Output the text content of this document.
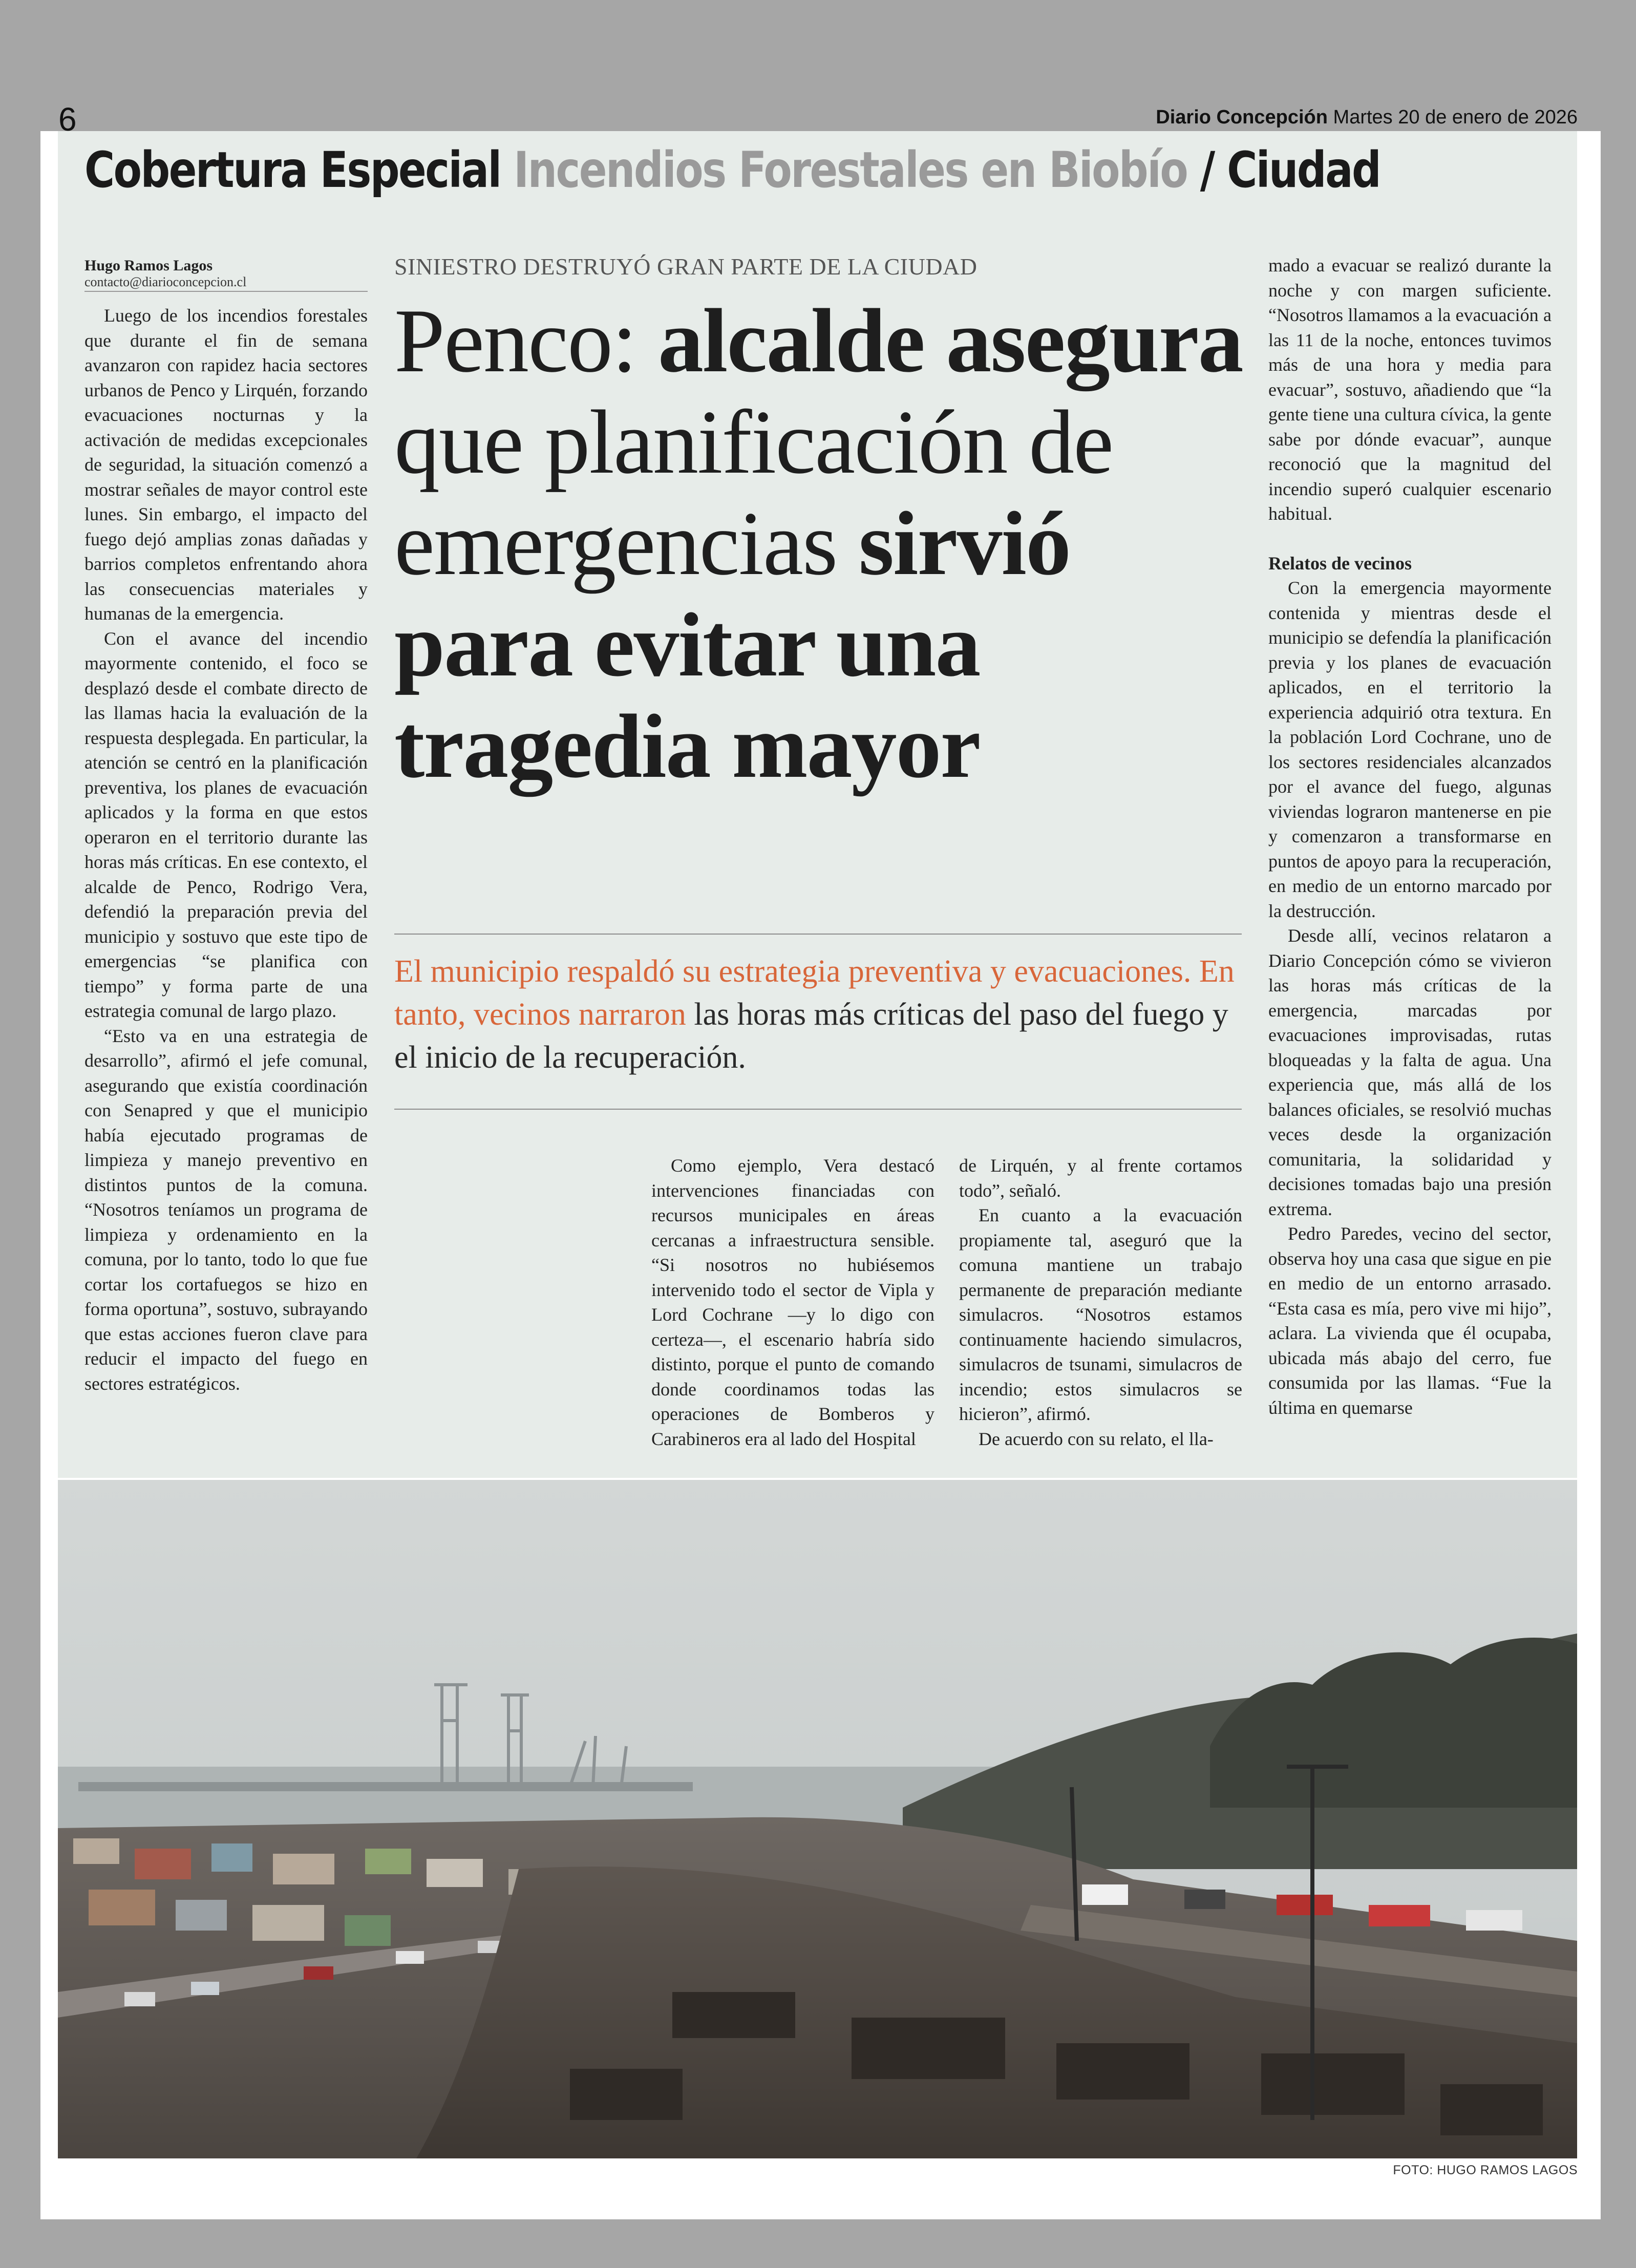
6	Diario Concepción Martes 20 de enero de 2026
Cobertura Especial Incendios Forestales en Biobío / Ciudad
Hugo Ramos Lagos
contacto@diarioconcepcion.cl

Luego de los incendios forestales que durante el fin de semana avanzaron con rapidez hacia sectores urbanos de Penco y Lirquén, forzando evacuaciones nocturnas y la activación de medidas excepcionales de seguridad, la situación comenzó a mostrar señales de mayor control este lunes. Sin embargo, el impacto del fuego dejó amplias zonas dañadas y barrios completos enfrentando ahora las consecuencias materiales y humanas de la emergencia.

Con el avance del incendio mayormente contenido, el foco se desplazó desde el combate directo de las llamas hacia la evaluación de la respuesta desplegada. En particular, la atención se centró en la planificación preventiva, los planes de evacuación aplicados y la forma en que estos operaron en el territorio durante las horas más críticas. En ese contexto, el alcalde de Penco, Rodrigo Vera, defendió la preparación previa del municipio y sostuvo que este tipo de emergencias “se planifica con tiempo” y forma parte de una estrategia comunal de largo plazo.

“Esto va en una estrategia de desarrollo”, afirmó el jefe comunal, asegurando que existía coordinación con Senapred y que el municipio había ejecutado programas de limpieza y manejo preventivo en distintos puntos de la comuna. “Nosotros teníamos un programa de limpieza y ordenamiento en la comuna, por lo tanto, todo lo que fue cortar los cortafuegos se hizo en forma oportuna”, sostuvo, subrayando que estas acciones fueron clave para reducir el impacto del fuego en sectores estratégicos.

SINIESTRO DESTRUYÓ GRAN PARTE DE LA CIUDAD
Penco: alcalde asegura que planificación de emergencias sirvió para evitar una tragedia mayor
El municipio respaldó su estrategia preventiva y evacuaciones. En tanto, vecinos narraron las horas más críticas del paso del fuego y el inicio de la recuperación.

Como ejemplo, Vera destacó intervenciones financiadas con recursos municipales en áreas cercanas a infraestructura sensible. “Si nosotros no hubiésemos intervenido todo el sector de Vipla y Lord Cochrane —y lo digo con certeza—, el escenario habría sido distinto, porque el punto de comando donde coordinamos todas las operaciones de Bomberos y Carabineros era al lado del Hospital

de Lirquén, y al frente cortamos todo”, señaló.

En cuanto a la evacuación propiamente tal, aseguró que la comuna mantiene un trabajo permanente de preparación mediante simulacros. “Nosotros estamos continuamente haciendo simulacros, simulacros de tsunami, simulacros de incendio; estos simulacros se hicieron”, afirmó.

De acuerdo con su relato, el lla-

mado a evacuar se realizó durante la noche y con margen suficiente. “Nosotros llamamos a la evacuación a las 11 de la noche, entonces tuvimos más de una hora y media para evacuar”, sostuvo, añadiendo que “la gente tiene una cultura cívica, la gente sabe por dónde evacuar”, aunque reconoció que la magnitud del incendio superó cualquier escenario habitual.

Relatos de vecinos

Con la emergencia mayormente contenida y mientras desde el municipio se defendía la planificación previa y los planes de evacuación aplicados, en el territorio la experiencia adquirió otra textura. En la población Lord Cochrane, uno de los sectores residenciales alcanzados por el avance del fuego, algunas viviendas lograron mantenerse en pie y comenzaron a transformarse en puntos de apoyo para la recuperación, en medio de un entorno marcado por la destrucción.

Desde allí, vecinos relataron a Diario Concepción cómo se vivieron las horas más críticas de la emergencia, marcadas por evacuaciones improvisadas, rutas bloqueadas y la falta de agua. Una experiencia que, más allá de los balances oficiales, se resolvió muchas veces desde la organización comunitaria, la solidaridad y decisiones tomadas bajo una presión extrema.

Pedro Paredes, vecino del sector, observa hoy una casa que sigue en pie en medio de un entorno arrasado. “Esta casa es mía, pero vive mi hijo”, aclara. La vivienda que él ocupaba, ubicada más abajo del cerro, fue consumida por las llamas. “Fue la última en quemarse

FOTO: HUGO RAMOS LAGOS
